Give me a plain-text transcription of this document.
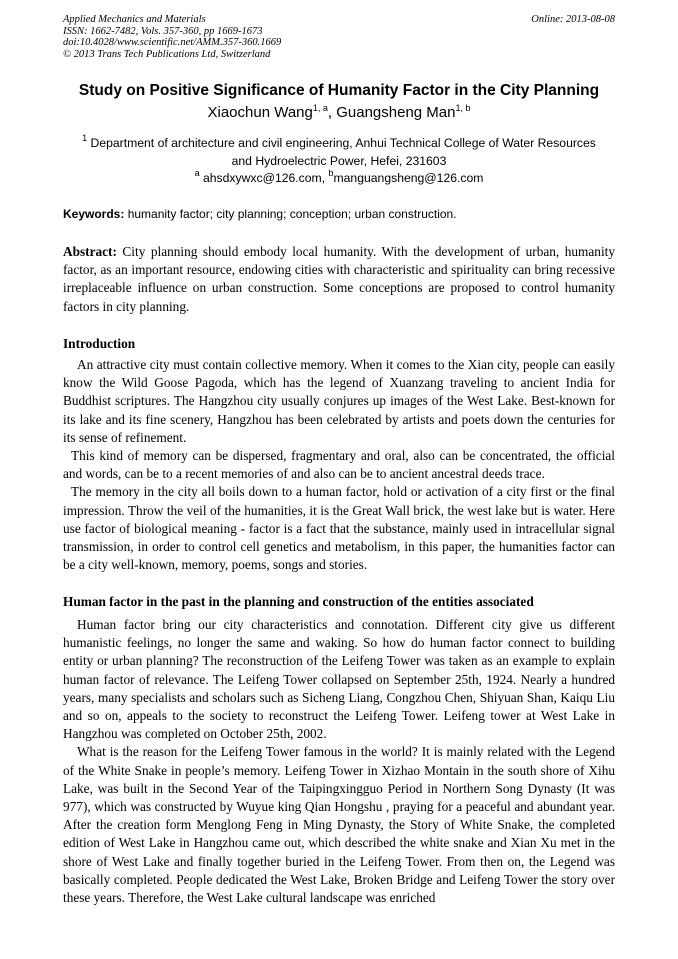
Applied Mechanics and Materials
ISSN: 1662-7482, Vols. 357-360, pp 1669-1673
doi:10.4028/www.scientific.net/AMM.357-360.1669
© 2013 Trans Tech Publications Ltd, Switzerland
Online: 2013-08-08
Study on Positive Significance of Humanity Factor in the City Planning
Xiaochun Wang$^{1, a}$, Guangsheng Man$^{1, b}$
$^1$ Department of architecture and civil engineering, Anhui Technical College of Water Resources
and Hydroelectric Power, Hefei, 231603
$^a$ ahsdxywxc@126.com, $^b$manguangsheng@126.com
Keywords: humanity factor; city planning; conception; urban construction.
Abstract: City planning should embody local humanity. With the development of urban, humanity factor, as an important resource, endowing cities with characteristic and spirituality can bring recessive irreplaceable influence on urban construction. Some conceptions are proposed to control humanity factors in city planning.
Introduction

An attractive city must contain collective memory. When it comes to the Xian city, people can easily know the Wild Goose Pagoda, which has the legend of Xuanzang traveling to ancient India for Buddhist scriptures. The Hangzhou city usually conjures up images of the West Lake. Best-known for its lake and its fine scenery, Hangzhou has been celebrated by artists and poets down the centuries for its sense of refinement.

This kind of memory can be dispersed, fragmentary and oral, also can be concentrated, the official and words, can be to a recent memories of and also can be to ancient ancestral deeds trace.

The memory in the city all boils down to a human factor, hold or activation of a city first or the final impression. Throw the veil of the humanities, it is the Great Wall brick, the west lake but is water. Here use factor of biological meaning - factor is a fact that the substance, mainly used in intracellular signal transmission, in order to control cell genetics and metabolism, in this paper, the humanities factor can be a city well-known, memory, poems, songs and stories.

Human factor in the past in the planning and construction of the entities associated

Human factor bring our city characteristics and connotation. Different city give us different humanistic feelings, no longer the same and waking. So how do human factor connect to building entity or urban planning? The reconstruction of the Leifeng Tower was taken as an example to explain human factor of relevance. The Leifeng Tower collapsed on September 25th, 1924. Nearly a hundred years, many specialists and scholars such as Sicheng Liang, Congzhou Chen, Shiyuan Shan, Kaiqu Liu and so on, appeals to the society to reconstruct the Leifeng Tower. Leifeng tower at West Lake in Hangzhou was completed on October 25th, 2002.

What is the reason for the Leifeng Tower famous in the world? It is mainly related with the Legend of the White Snake in people’s memory. Leifeng Tower in Xizhao Montain in the south shore of Xihu Lake, was built in the Second Year of the Taipingxingguo Period in Northern Song Dynasty (It was 977), which was constructed by Wuyue king Qian Hongshu , praying for a peaceful and abundant year. After the creation form Menglong Feng in Ming Dynasty, the Story of White Snake, the completed edition of West Lake in Hangzhou came out, which described the white snake and Xian Xu met in the shore of West Lake and finally together buried in the Leifeng Tower. From then on, the Legend was basically completed. People dedicated the West Lake, Broken Bridge and Leifeng Tower the story over these years. Therefore, the West Lake cultural landscape was enriched
